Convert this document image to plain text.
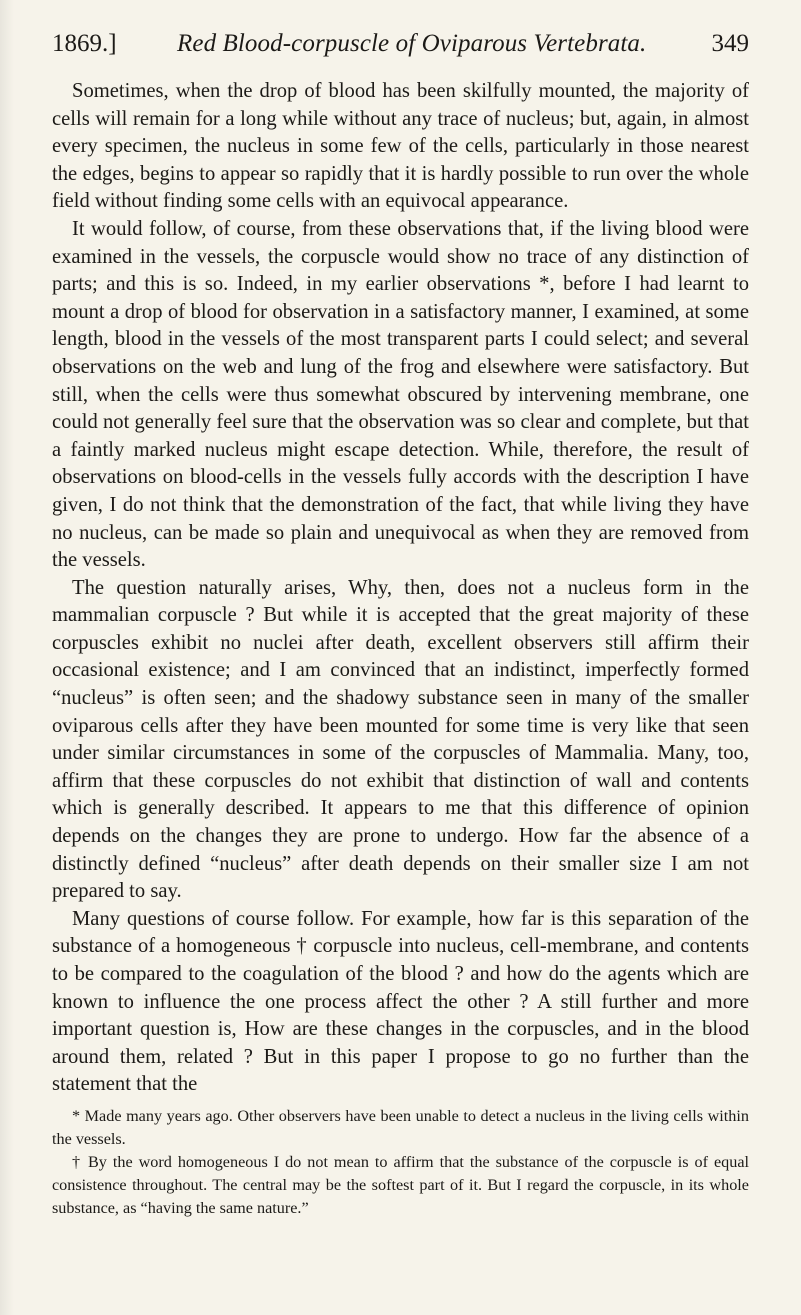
1869.] Red Blood-corpuscle of Oviparous Vertebrata.	349

Sometimes, when the drop of blood has been skilfully mounted, the majority of cells will remain for a long while without any trace of nucleus; but, again, in almost every specimen, the nucleus in some few of the cells, particularly in those nearest the edges, begins to appear so rapidly that it is hardly possible to run over the whole field without finding some cells with an equivocal appearance.

It would follow, of course, from these observations that, if the living blood were examined in the vessels, the corpuscle would show no trace of any distinction of parts; and this is so. Indeed, in my earlier observations *, before I had learnt to mount a drop of blood for observation in a satisfactory manner, I examined, at some length, blood in the vessels of the most transparent parts I could select; and several observations on the web and lung of the frog and elsewhere were satisfactory. But still, when the cells were thus somewhat obscured by intervening membrane, one could not generally feel sure that the observation was so clear and complete, but that a faintly marked nucleus might escape detection. While, therefore, the result of observations on blood-cells in the vessels fully accords with the description I have given, I do not think that the demonstration of the fact, that while living they have no nucleus, can be made so plain and unequivocal as when they are removed from the vessels.

The question naturally arises, Why, then, does not a nucleus form in the mammalian corpuscle ? But while it is accepted that the great majority of these corpuscles exhibit no nuclei after death, excellent observers still affirm their occasional existence; and I am convinced that an indistinct, imperfectly formed “nucleus” is often seen; and the shadowy substance seen in many of the smaller oviparous cells after they have been mounted for some time is very like that seen under similar circumstances in some of the corpuscles of Mammalia. Many, too, affirm that these corpuscles do not exhibit that distinction of wall and contents which is generally described. It appears to me that this difference of opinion depends on the changes they are prone to undergo. How far the absence of a distinctly defined “nucleus” after death depends on their smaller size I am not prepared to say.

Many questions of course follow. For example, how far is this separation of the substance of a homogeneous † corpuscle into nucleus, cell-membrane, and contents to be compared to the coagulation of the blood ? and how do the agents which are known to influence the one process affect the other ? A still further and more important question is, How are these changes in the corpuscles, and in the blood around them, related ? But in this paper I propose to go no further than the statement that the

* Made many years ago. Other observers have been unable to detect a nucleus in the living cells within the vessels.

† By the word homogeneous I do not mean to affirm that the substance of the corpuscle is of equal consistence throughout. The central may be the softest part of it. But I regard the corpuscle, in its whole substance, as “having the same nature.”
